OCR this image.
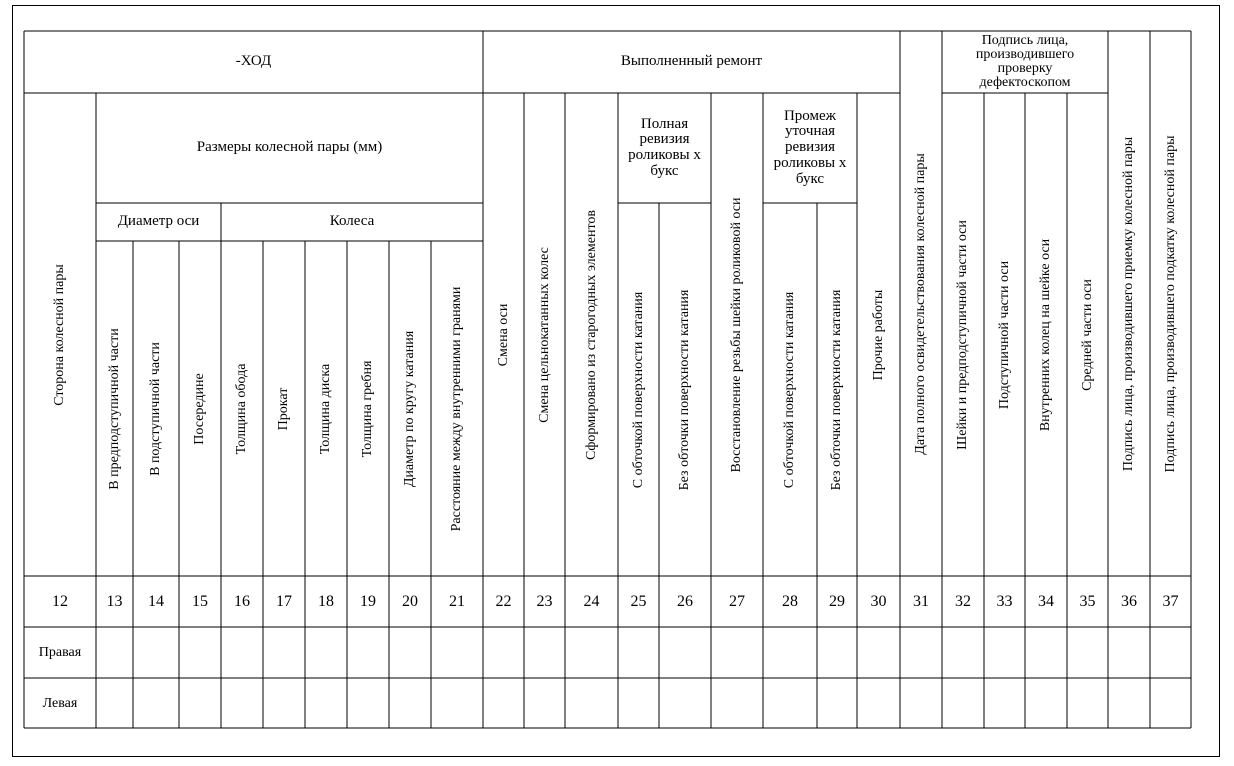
-ХОД	Выполненный ремонт
Подпись лица, производившего проверку дефектоскопом
Размеры колесной пары (мм)
Диаметр оси	Колеса
Полная ревизия роликовы х букс
Промеж уточная ревизия роликовы х букс
Сторона колесной пары
12
В предподступичной части
13
В подступичной части
14
Посередине
15
Толщина обода
16
Прокат
17
Толщина диска
18
Толщина гребня
19
Диаметр по кругу катания
20
Расстояние между внутренними гранями
21
Смена оси
22
Смена цельнокатанных колес
23
Сформировано из старогодных элементов
24
С обточкой поверхности катания
25
Без обточки поверхности катания
26
Восстановление резьбы шейки роликовой оси
27
С обточкой поверхности катания
28
Без обточки поверхности катания
29
Прочие работы
30
Дата полного освидетельствования колесной пары
31
Шейки и предподступичной части оси
32
Подступичной части оси
33
Внутренних колец на шейке оси
34
Средней части оси
35
Подпись лица, производившего приемку колесной пары
36
Подпись лица, производившего подкатку колесной пары
37
Правая
Левая
